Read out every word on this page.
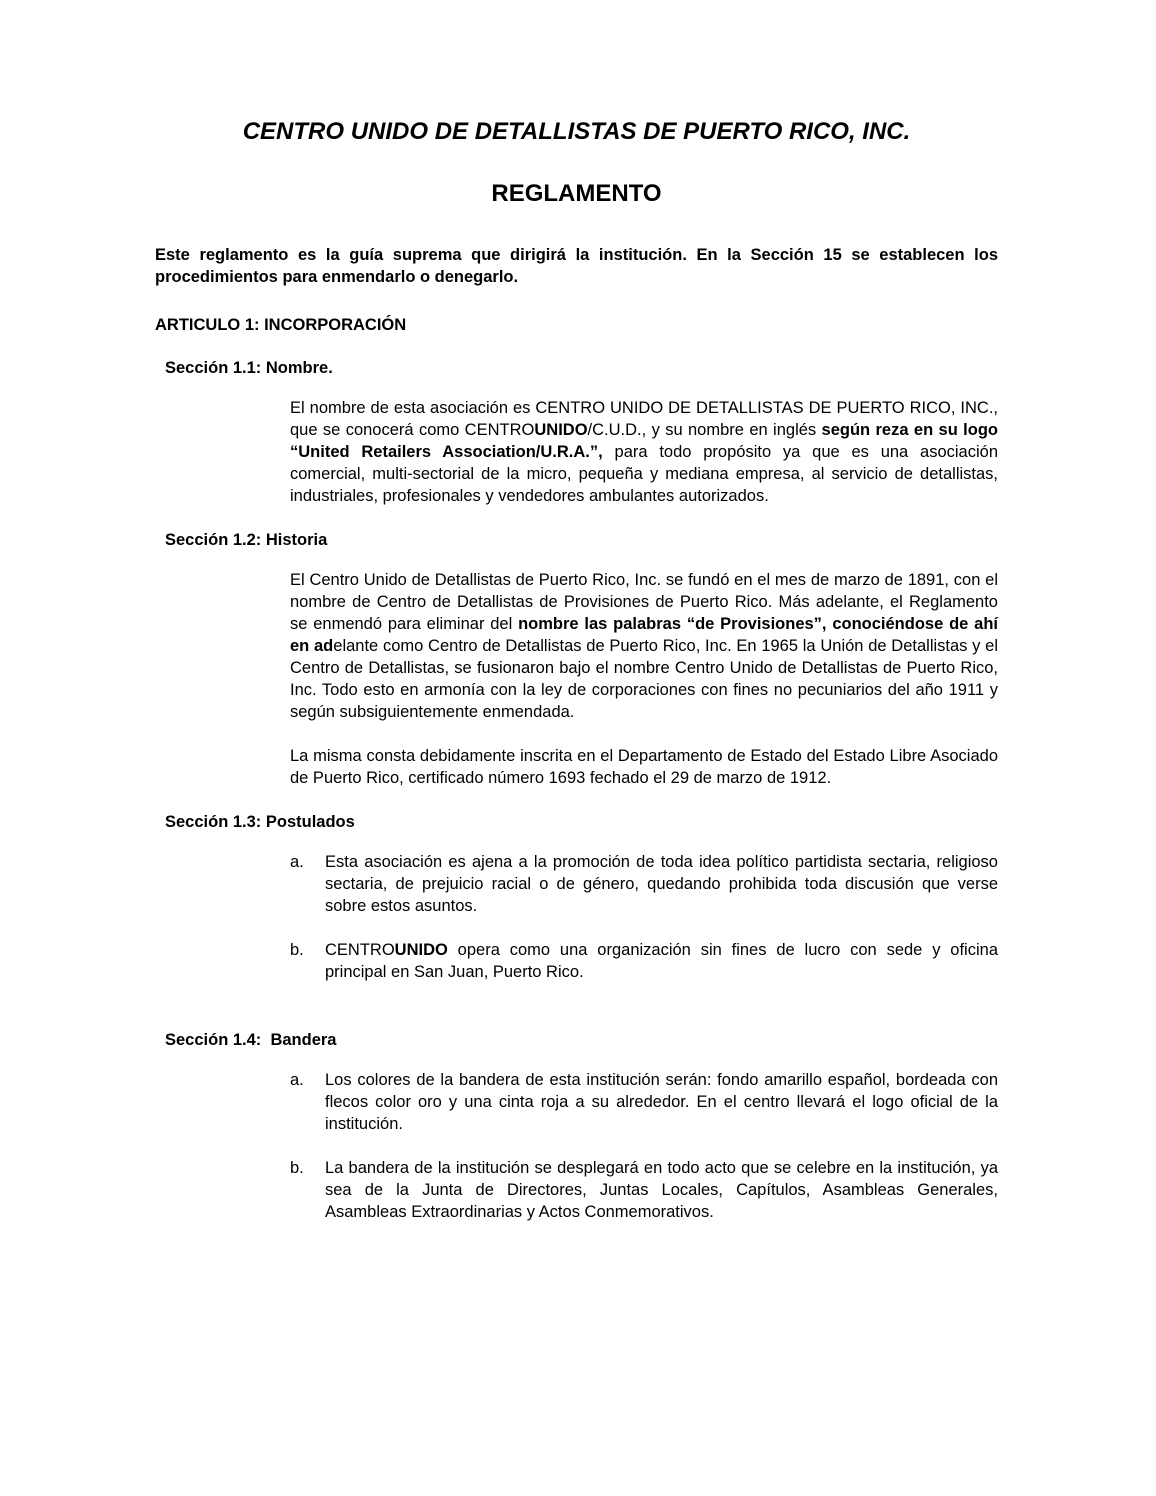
CENTRO UNIDO DE DETALLISTAS DE PUERTO RICO, INC.
REGLAMENTO

Este reglamento es la guía suprema que dirigirá la institución. En la Sección 15 se establecen los procedimientos para enmendarlo o denegarlo.

ARTICULO 1: INCORPORACIÓN
Sección 1.1: Nombre.

El nombre de esta asociación es CENTRO UNIDO DE DETALLISTAS DE PUERTO RICO, INC., que se conocerá como CENTROUNIDO/C.U.D., y su nombre en inglés según reza en su logo “United Retailers Association/U.R.A.”, para todo propósito ya que es una asociación comercial, multi-sectorial de la micro, pequeña y mediana empresa, al servicio de detallistas, industriales, profesionales y vendedores ambulantes autorizados.

Sección 1.2: Historia

El Centro Unido de Detallistas de Puerto Rico, Inc. se fundó en el mes de marzo de 1891, con el nombre de Centro de Detallistas de Provisiones de Puerto Rico. Más adelante, el Reglamento se enmendó para eliminar del nombre las palabras “de Provisiones”, conociéndose de ahí en adelante como Centro de Detallistas de Puerto Rico, Inc. En 1965 la Unión de Detallistas y el Centro de Detallistas, se fusionaron bajo el nombre Centro Unido de Detallistas de Puerto Rico, Inc. Todo esto en armonía con la ley de corporaciones con fines no pecuniarios del año 1911 y según subsiguientemente enmendada.

La misma consta debidamente inscrita en el Departamento de Estado del Estado Libre Asociado de Puerto Rico, certificado número 1693 fechado el 29 de marzo de 1912.

Sección 1.3: Postulados
a.	Esta asociación es ajena a la promoción de toda idea político partidista sectaria, religioso sectaria, de prejuicio racial o de género, quedando prohibida toda discusión que verse sobre estos asuntos.
b.	CENTROUNIDO opera como una organización sin fines de lucro con sede y oficina principal en San Juan, Puerto Rico.
Sección 1.4:  Bandera
a.	Los colores de la bandera de esta institución serán: fondo amarillo español, bordeada con flecos color oro y una cinta roja a su alrededor. En el centro llevará el logo oficial de la institución.
b.	La bandera de la institución se desplegará en todo acto que se celebre en la institución, ya sea de la Junta de Directores, Juntas Locales, Capítulos, Asambleas Generales, Asambleas Extraordinarias y Actos Conmemorativos.
